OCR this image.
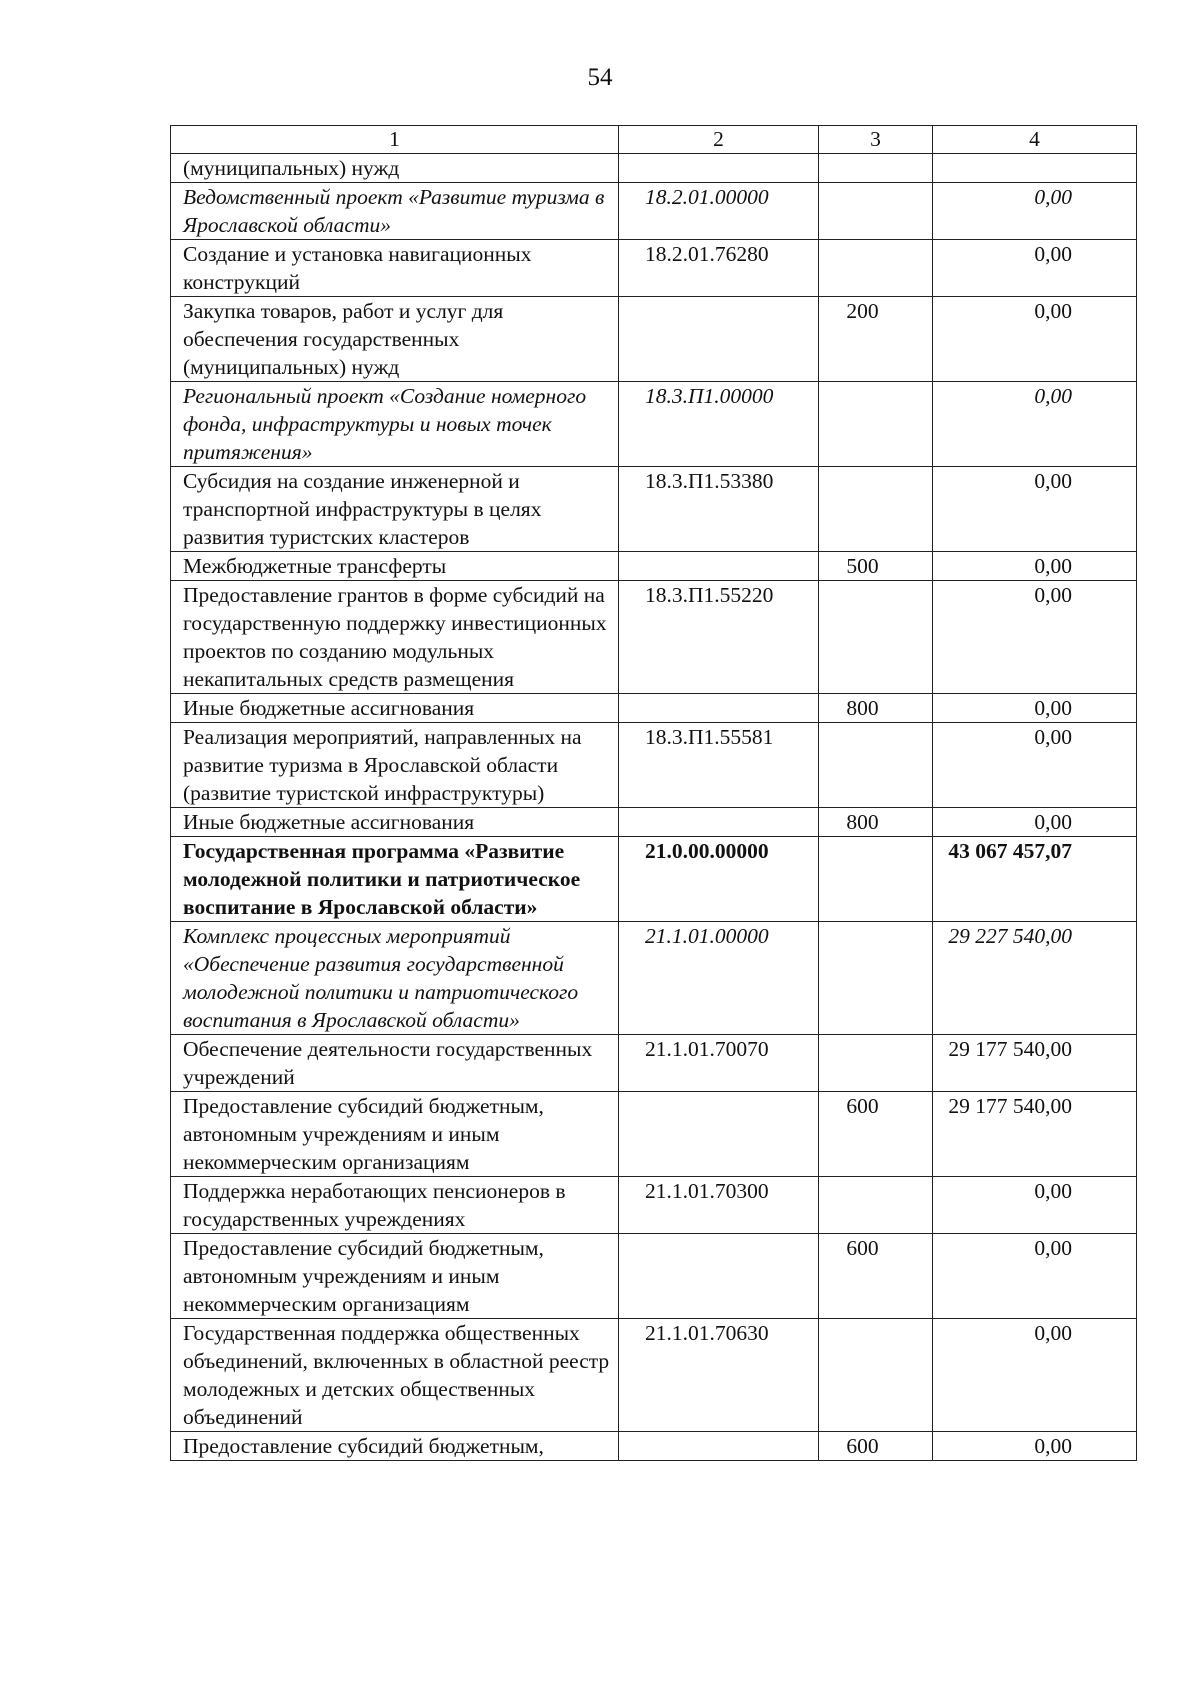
54
1	2	3	4
(муниципальных) нужд			
Ведомственный проект «Развитие туризма в Ярославской области»	18.2.01.00000		0,00
Создание и установка навигационных конструкций	18.2.01.76280		0,00
Закупка товаров, работ и услуг для обеспечения государственных (муниципальных) нужд		200	0,00
Региональный проект «Создание номерного фонда, инфраструктуры и новых точек притяжения»	18.3.П1.00000		0,00
Субсидия на создание инженерной и транспортной инфраструктуры в целях развития туристских кластеров	18.3.П1.53380		0,00
Межбюджетные трансферты		500	0,00
Предоставление грантов в форме субсидий на государственную поддержку инвестиционных проектов по созданию модульных некапитальных средств размещения	18.3.П1.55220		0,00
Иные бюджетные ассигнования		800	0,00
Реализация мероприятий, направленных на развитие туризма в Ярославской области (развитие туристской инфраструктуры)	18.3.П1.55581		0,00
Иные бюджетные ассигнования		800	0,00
Государственная программа «Развитие молодежной политики и патриотическое воспитание в Ярославской области»	21.0.00.00000		43 067 457,07
Комплекс процессных мероприятий «Обеспечение развития государственной молодежной политики и патриотического воспитания в Ярославской области»	21.1.01.00000		29 227 540,00
Обеспечение деятельности государственных учреждений	21.1.01.70070		29 177 540,00
Предоставление субсидий бюджетным, автономным учреждениям и иным некоммерческим организациям		600	29 177 540,00
Поддержка неработающих пенсионеров в государственных учреждениях	21.1.01.70300		0,00
Предоставление субсидий бюджетным, автономным учреждениям и иным некоммерческим организациям		600	0,00
Государственная поддержка общественных объединений, включенных в областной реестр молодежных и детских общественных объединений	21.1.01.70630		0,00
Предоставление субсидий бюджетным,		600	0,00
